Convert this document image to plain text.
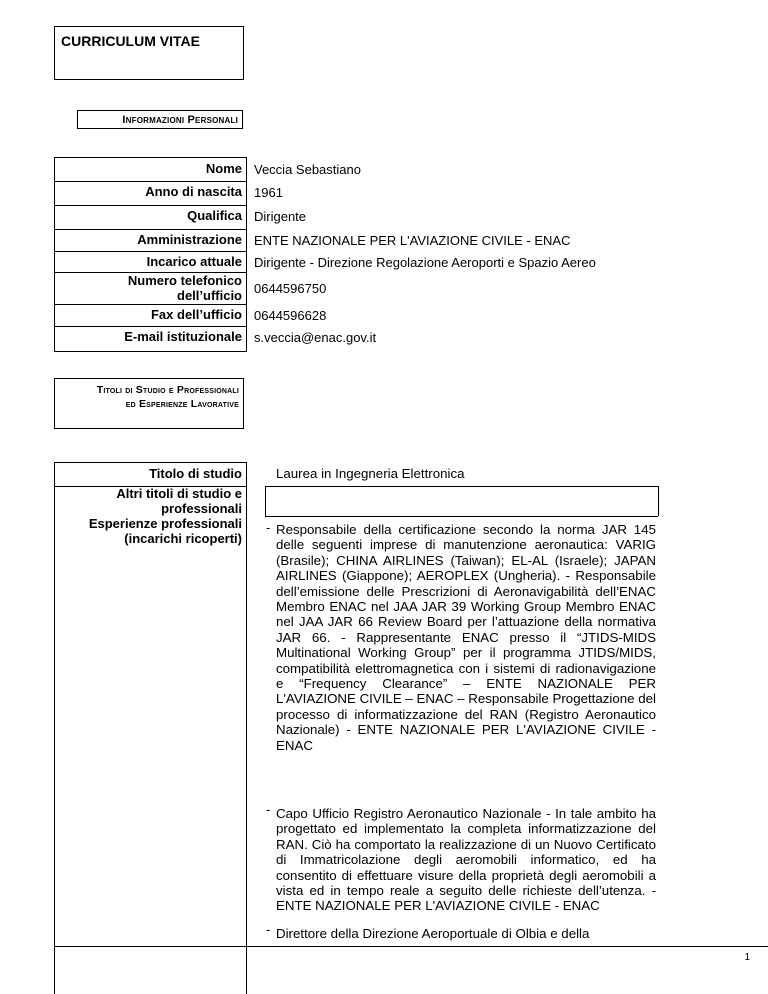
CURRICULUM VITAE
Informazioni Personali
Nome Veccia Sebastiano
Anno di nascita 1961
Qualifica Dirigente
Amministrazione ENTE NAZIONALE PER L'AVIAZIONE CIVILE - ENAC
Incarico attuale Dirigente - Direzione Regolazione Aeroporti e Spazio Aereo
Numero telefonico dell’ufficio 0644596750
Fax dell’ufficio 0644596628
E-mail istituzionale s.veccia@enac.gov.it
Titoli di Studio e Professionali ed Esperienze Lavorative
Titolo di studio	Laurea in Ingegneria Elettronica
Altri titoli di studio e professionali
Esperienze professionali (incarichi ricoperti)
- Responsabile della certificazione secondo la norma JAR 145 delle seguenti imprese di manutenzione aeronautica: VARIG (Brasile); CHINA AIRLINES (Taiwan); EL-AL (Israele); JAPAN AIRLINES (Giappone); AEROPLEX (Ungheria). - Responsabile dell’emissione delle Prescrizioni di Aeronavigabilità dell’ENAC Membro ENAC nel JAA JAR 39 Working Group Membro ENAC nel JAA JAR 66 Review Board per l’attuazione della normativa JAR 66. - Rappresentante ENAC presso il “JTIDS-MIDS Multinational Working Group” per il programma JTIDS/MIDS, compatibilità elettromagnetica con i sistemi di radionavigazione e “Frequency Clearance” – ENTE NAZIONALE PER L'AVIAZIONE CIVILE – ENAC – Responsabile Progettazione del processo di informatizzazione del RAN (Registro Aeronautico Nazionale) - ENTE NAZIONALE PER L'AVIAZIONE CIVILE - ENAC
- Capo Ufficio Registro Aeronautico Nazionale - In tale ambito ha progettato ed implementato la completa informatizzazione del RAN. Ciò ha comportato la realizzazione di un Nuovo Certificato di Immatricolazione degli aeromobili informatico, ed ha consentito di effettuare visure della proprietà degli aeromobili a vista ed in tempo reale a seguito delle richieste dell’utenza. - ENTE NAZIONALE PER L'AVIAZIONE CIVILE - ENAC
- Direttore della Direzione Aeroportuale di Olbia e della
1
